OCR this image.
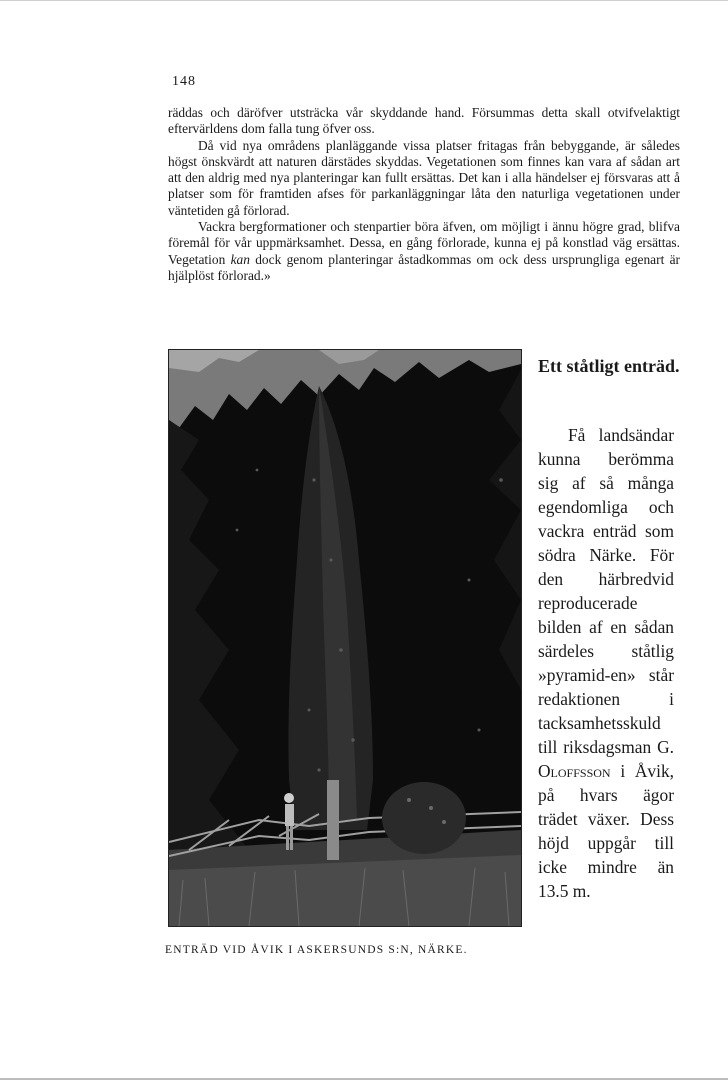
148

räddas och däröfver utsträcka vår skyddande hand. Försummas detta skall otvifvelaktigt eftervärldens dom falla tung öfver oss.

Då vid nya områdens planläggande vissa platser fritagas från bebyggande, är således högst önskvärdt att naturen därstädes skyddas. Vegetationen som finnes kan vara af sådan art att den aldrig med nya planteringar kan fullt ersättas. Det kan i alla händelser ej försvaras att å platser som för framtiden afses för parkanläggningar låta den naturliga vegetationen under väntetiden gå förlorad.

Vackra bergformationer och stenpartier böra äfven, om möjligt i ännu högre grad, blifva föremål för vår uppmärksamhet. Dessa, en gång förlorade, kunna ej på konstlad väg ersättas. Vegetation kan dock genom planteringar åstadkommas om ock dess ursprungliga egenart är hjälplöst förlorad.»

ENTRÄD VID ÅVIK I ASKERSUNDS S:N, NÄRKE.
Ett ståtligt enträd.
Få landsändar kunna berömma sig af så många egendomliga och vackra enträd som södra Närke. För den härbredvid reproducerade bilden af en sådan särdeles ståtlig »pyramid-en» står redaktionen i tacksamhetsskuld till riksdagsman G. Oloffsson i Åvik, på hvars ägor trädet växer. Dess höjd uppgår till icke mindre än 13.5 m.
